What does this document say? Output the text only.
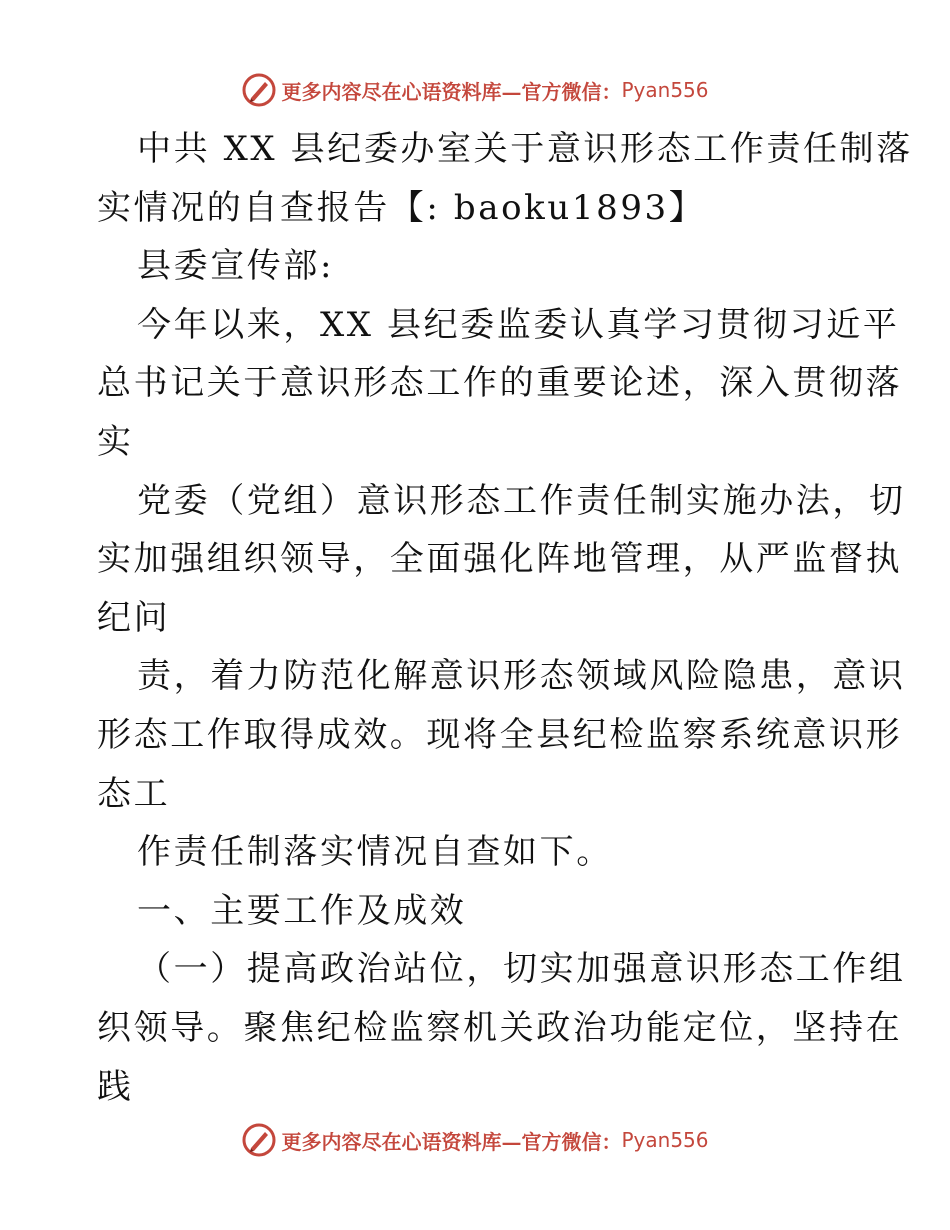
更多内容尽在心语资料库—官方微信： Pyan556
中共 XX 县纪委办室关于意识形态工作责任制落
实情况的自查报告【: baoku1893】
县委宣传部:
今年以来，XX 县纪委监委认真学习贯彻习近平
总书记关于意识形态工作的重要论述，深入贯彻落
实
党委（党组）意识形态工作责任制实施办法，切
实加强组织领导，全面强化阵地管理，从严监督执
纪问
责，着力防范化解意识形态领域风险隐患，意识
形态工作取得成效。现将全县纪检监察系统意识形
态工
作责任制落实情况自查如下。
一、主要工作及成效
（一）提高政治站位，切实加强意识形态工作组
织领导。聚焦纪检监察机关政治功能定位，坚持在
践
更多内容尽在心语资料库—官方微信： Pyan556
